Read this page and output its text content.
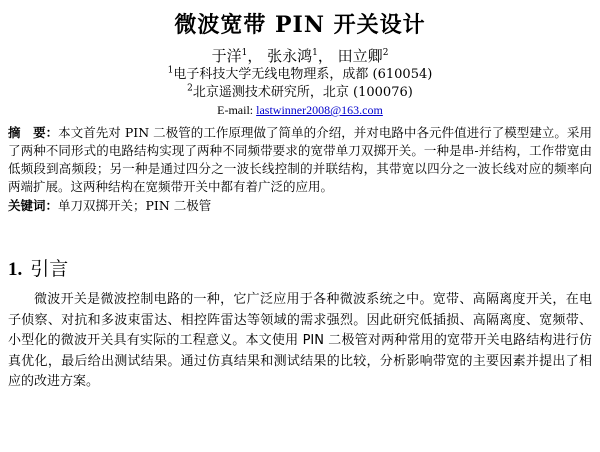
微波宽带 PIN 开关设计
于洋$^1$， 张永鸿$^1$， 田立卿$^2$
$^1$电子科技大学无线电物理系，成都 (610054)
$^2$北京遥测技术研究所，北京 (100076)
E-mail: lastwinner2008@163.com
摘　要：本文首先对 PIN 二极管的工作原理做了简单的介绍，并对电路中各元件值进行了模型建立。采用了两种不同形式的电路结构实现了两种不同频带要求的宽带单刀双掷开关。一种是串-并结构，工作带宽由低频段到高频段；另一种是通过四分之一波长线控制的并联结构，其带宽以四分之一波长线对应的频率向两端扩展。这两种结构在宽频带开关中都有着广泛的应用。
关键词：单刀双掷开关；PIN 二极管
1. 引言
微波开关是微波控制电路的一种，它广泛应用于各种微波系统之中。宽带、高隔离度开关，在电子侦察、对抗和多波束雷达、相控阵雷达等领域的需求强烈。因此研究低插损、高隔离度、宽频带、小型化的微波开关具有实际的工程意义。本文使用 PIN 二极管对两种常用的宽带开关电路结构进行仿真优化，最后给出测试结果。通过仿真结果和测试结果的比较，分析影响带宽的主要因素并提出了相应的改进方案。
